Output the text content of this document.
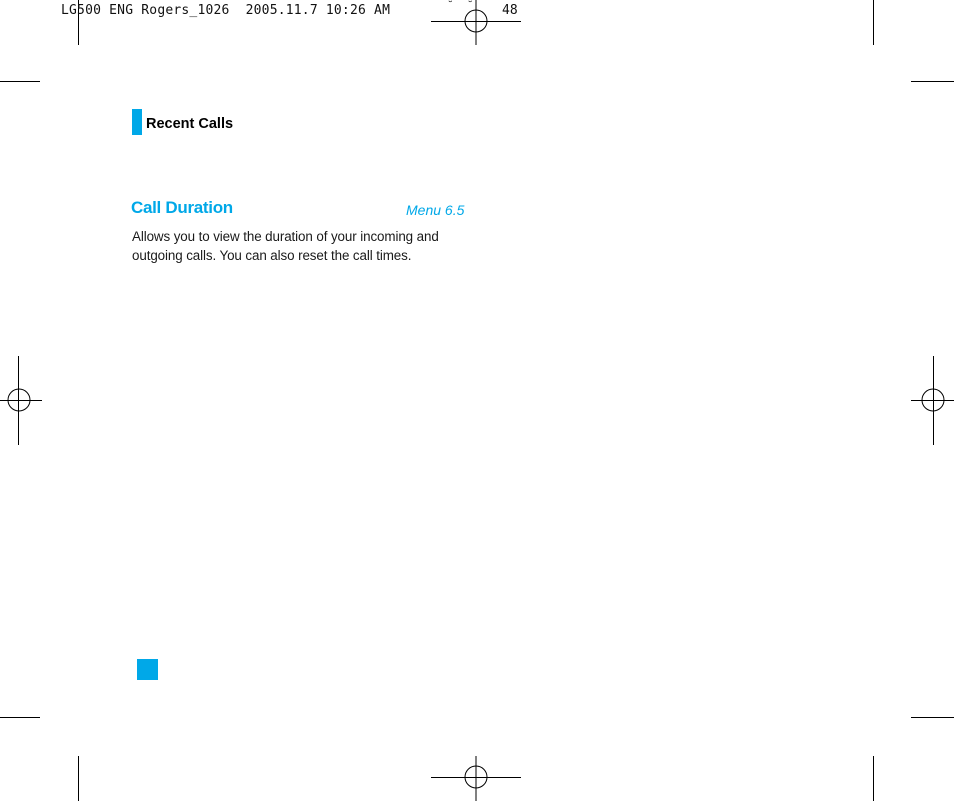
LG500 ENG Rogers_1026  2005.11.7 10:26 AM	˘  ˘ 48
Recent Calls
Call Duration	Menu 6.5
Allows you to view the duration of your incoming and outgoing calls. You can also reset the call times.
